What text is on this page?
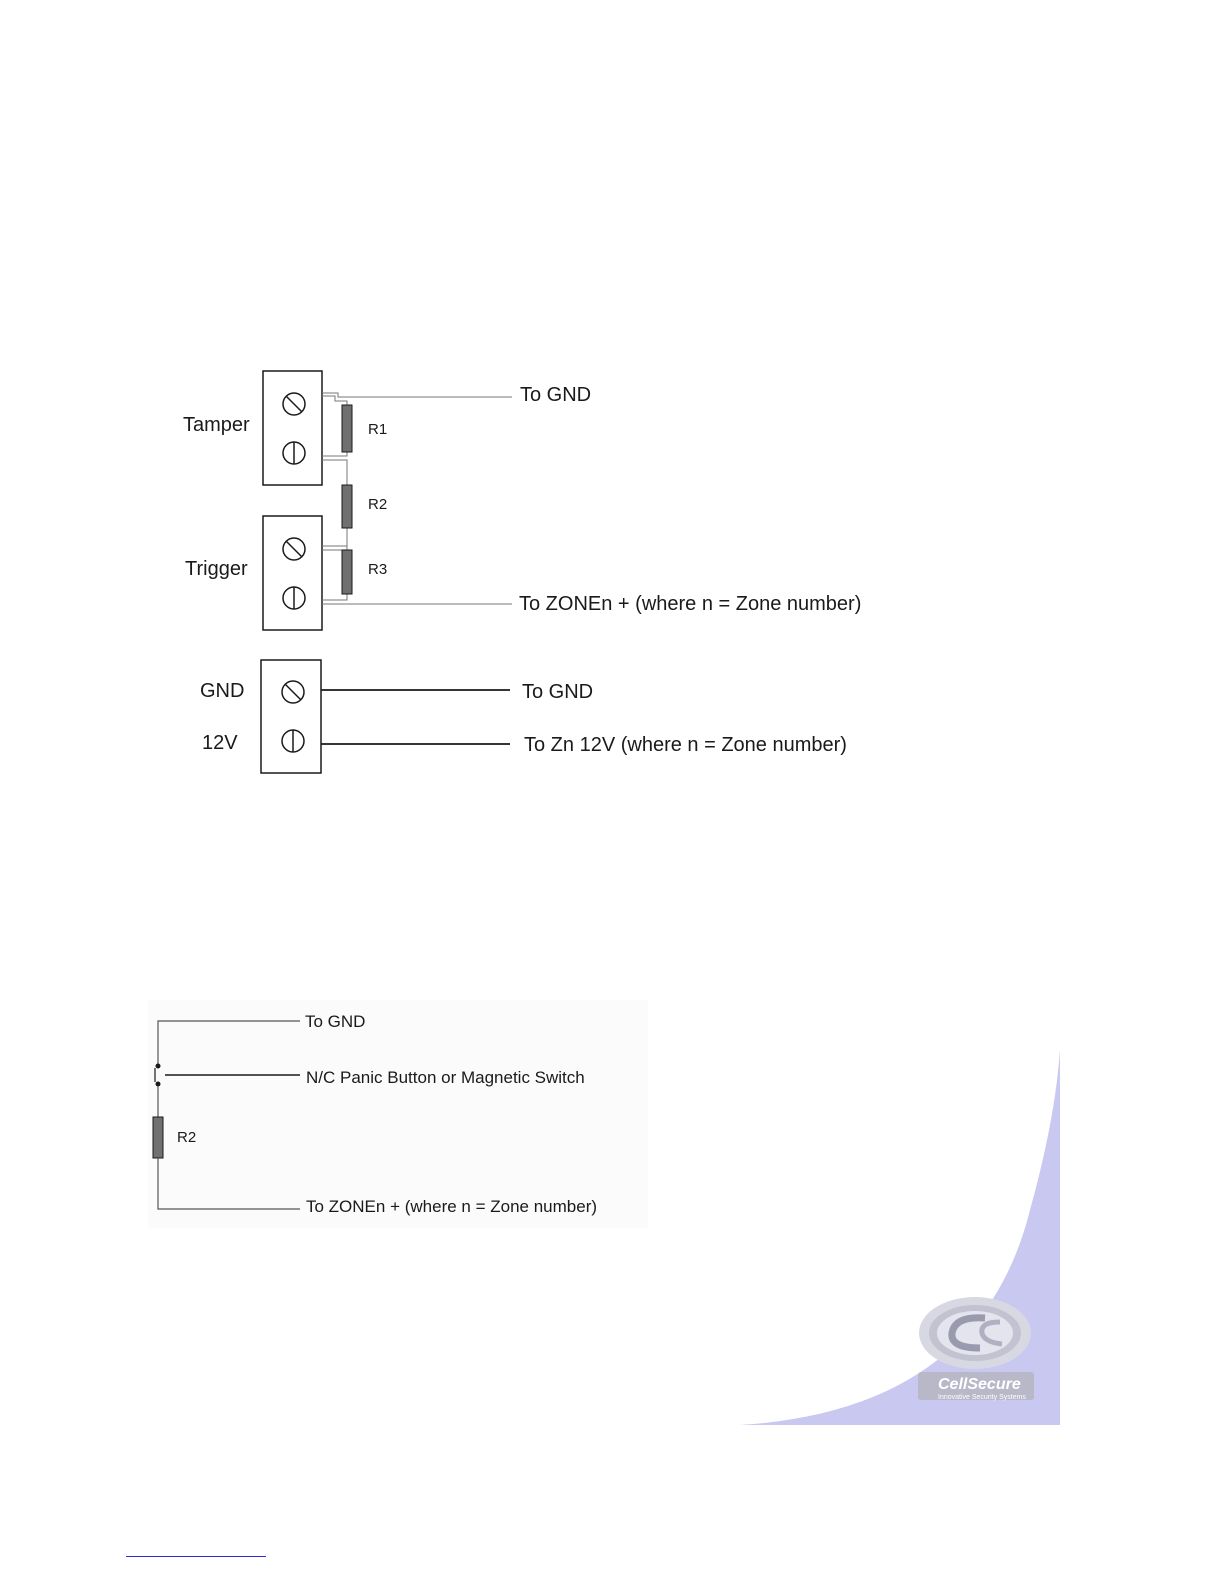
CellSecure
Innovative Security Systems
Tamper
Trigger
GND
12V
R1
R2
R3
To GND
To ZONEn + (where n = Zone number)
To GND
To Zn 12V (where n = Zone number)
To GND
N/C Panic Button or Magnetic Switch
R2
To ZONEn + (where n = Zone number)
